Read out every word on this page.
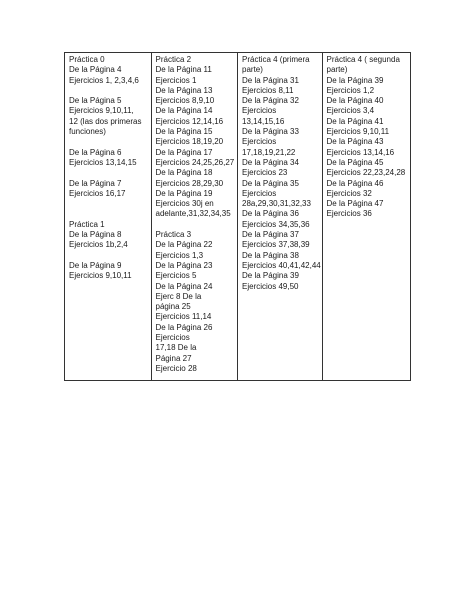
Práctica 0
De la Página 4
Ejercicios 1, 2,3,4,6
De la Página 5
Ejercicios 9,10,11,
12 (las dos primeras
funciones)
De la Página 6
Ejercicios 13,14,15
De la Página 7
Ejercicios 16,17
Práctica 1
De la Página 8
Ejercicios 1b,2,4
De la Página 9
Ejercicios 9,10,11
Práctica 2
De la Página 11
Ejercicios 1
De la Página 13
Ejercicios 8,9,10
De la Página 14
Ejercicios 12,14,16
De la Página 15
Ejercicios 18,19,20
De la Página 17
Ejercicios 24,25,26,27
De la Página 18
Ejercicios 28,29,30
De la Página 19
Ejercicios 30j en
adelante,31,32,34,35
Práctica 3
De la Página 22
Ejercicios 1,3
De la Página 23
Ejercicios 5
De la Página 24
Ejerc 8 De la
página 25
Ejercicios 11,14
De la Página 26
Ejercicios
17,18 De la
Página 27
Ejercicio 28
Práctica 4 (primera
parte)
De la Página 31
Ejercicios 8,11
De la Página 32
Ejercicios
13,14,15,16
De la Página 33
Ejercicios
17,18,19,21,22
De la Página 34
Ejercicios 23
De la Página 35
Ejercicios
28a,29,30,31,32,33
De la Página 36
Ejercicios 34,35,36
De la Página 37
Ejercicios 37,38,39
De la Página 38
Ejercicios 40,41,42,44
De la Página 39
Ejercicios 49,50
Práctica 4 ( segunda
parte)
De la Página 39
Ejercicios 1,2
De la Página 40
Ejercicios 3,4
De la Página 41
Ejercicios 9,10,11
De la Página 43
Ejercicios 13,14,16
De la Página 45
Ejercicios 22,23,24,28
De la Página 46
Ejercicios 32
De la Página 47
Ejercicios 36
